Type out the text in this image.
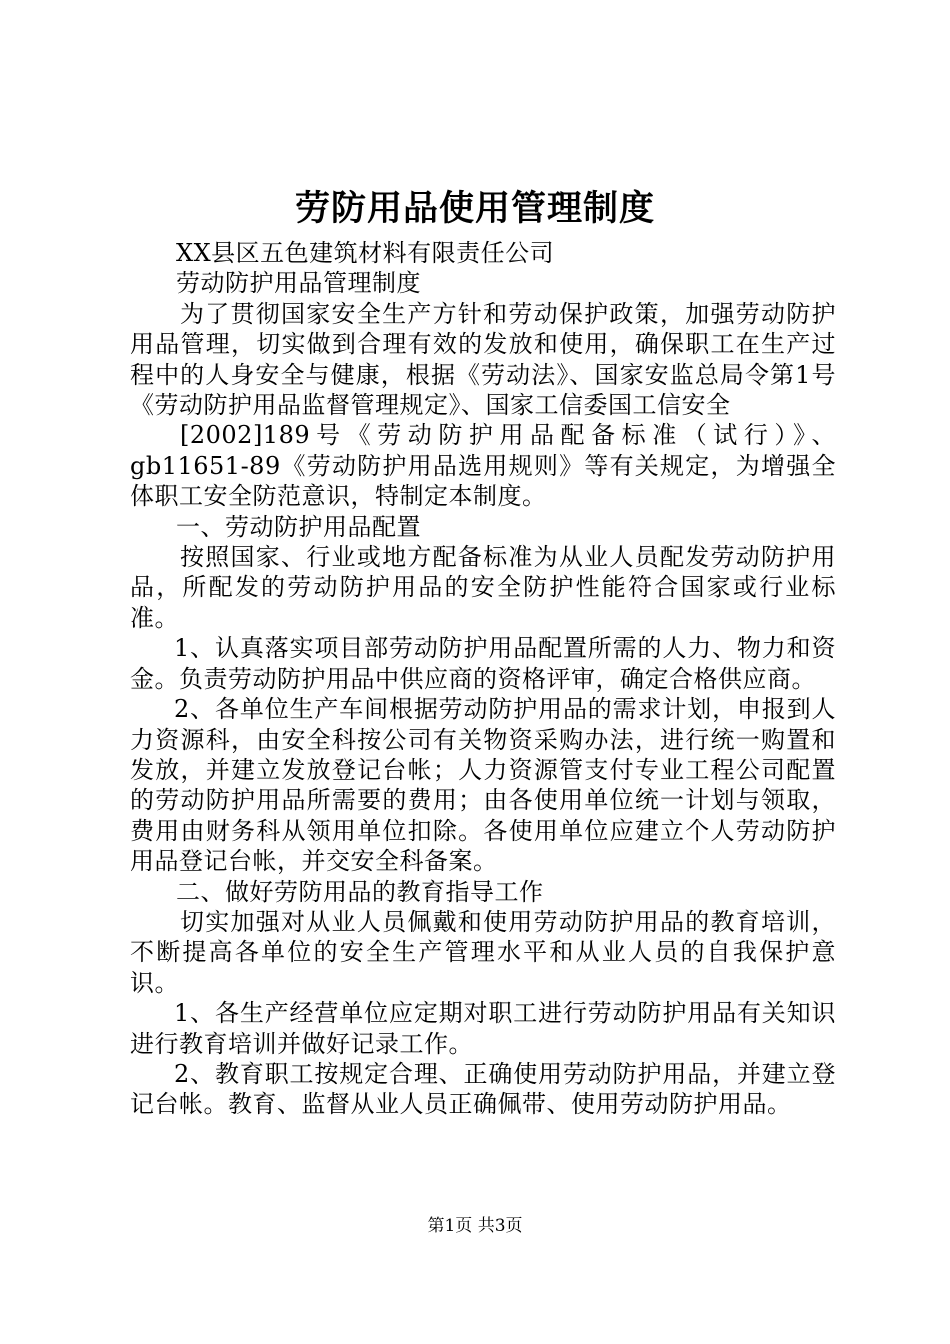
劳防用品使用管理制度

XX县区五色建筑材料有限责任公司

劳动防护用品管理制度

为了贯彻国家安全生产方针和劳动保护政策，加强劳动防护用品管理，切实做到合理有效的发放和使用，确保职工在生产过程中的人身安全与健康，根据《劳动法》、国家安监总局令第1号《劳动防护用品监督管理规定》、国家工信委国工信安全

[2002]189号《劳动防护用品配备标准（试行）》、gb11651-89《劳动防护用品选用规则》等有关规定，为增强全体职工安全防范意识，特制定本制度。

一、劳动防护用品配置

按照国家、行业或地方配备标准为从业人员配发劳动防护用品，所配发的劳动防护用品的安全防护性能符合国家或行业标准。

1、认真落实项目部劳动防护用品配置所需的人力、物力和资金。负责劳动防护用品中供应商的资格评审，确定合格供应商。

2、各单位生产车间根据劳动防护用品的需求计划，申报到人力资源科，由安全科按公司有关物资采购办法，进行统一购置和发放，并建立发放登记台帐；人力资源管支付专业工程公司配置的劳动防护用品所需要的费用；由各使用单位统一计划与领取，费用由财务科从领用单位扣除。各使用单位应建立个人劳动防护用品登记台帐，并交安全科备案。

二、做好劳防用品的教育指导工作

切实加强对从业人员佩戴和使用劳动防护用品的教育培训，不断提高各单位的安全生产管理水平和从业人员的自我保护意识。

1、各生产经营单位应定期对职工进行劳动防护用品有关知识进行教育培训并做好记录工作。

2、教育职工按规定合理、正确使用劳动防护用品，并建立登记台帐。教育、监督从业人员正确佩带、使用劳动防护用品。

第1页 共3页
